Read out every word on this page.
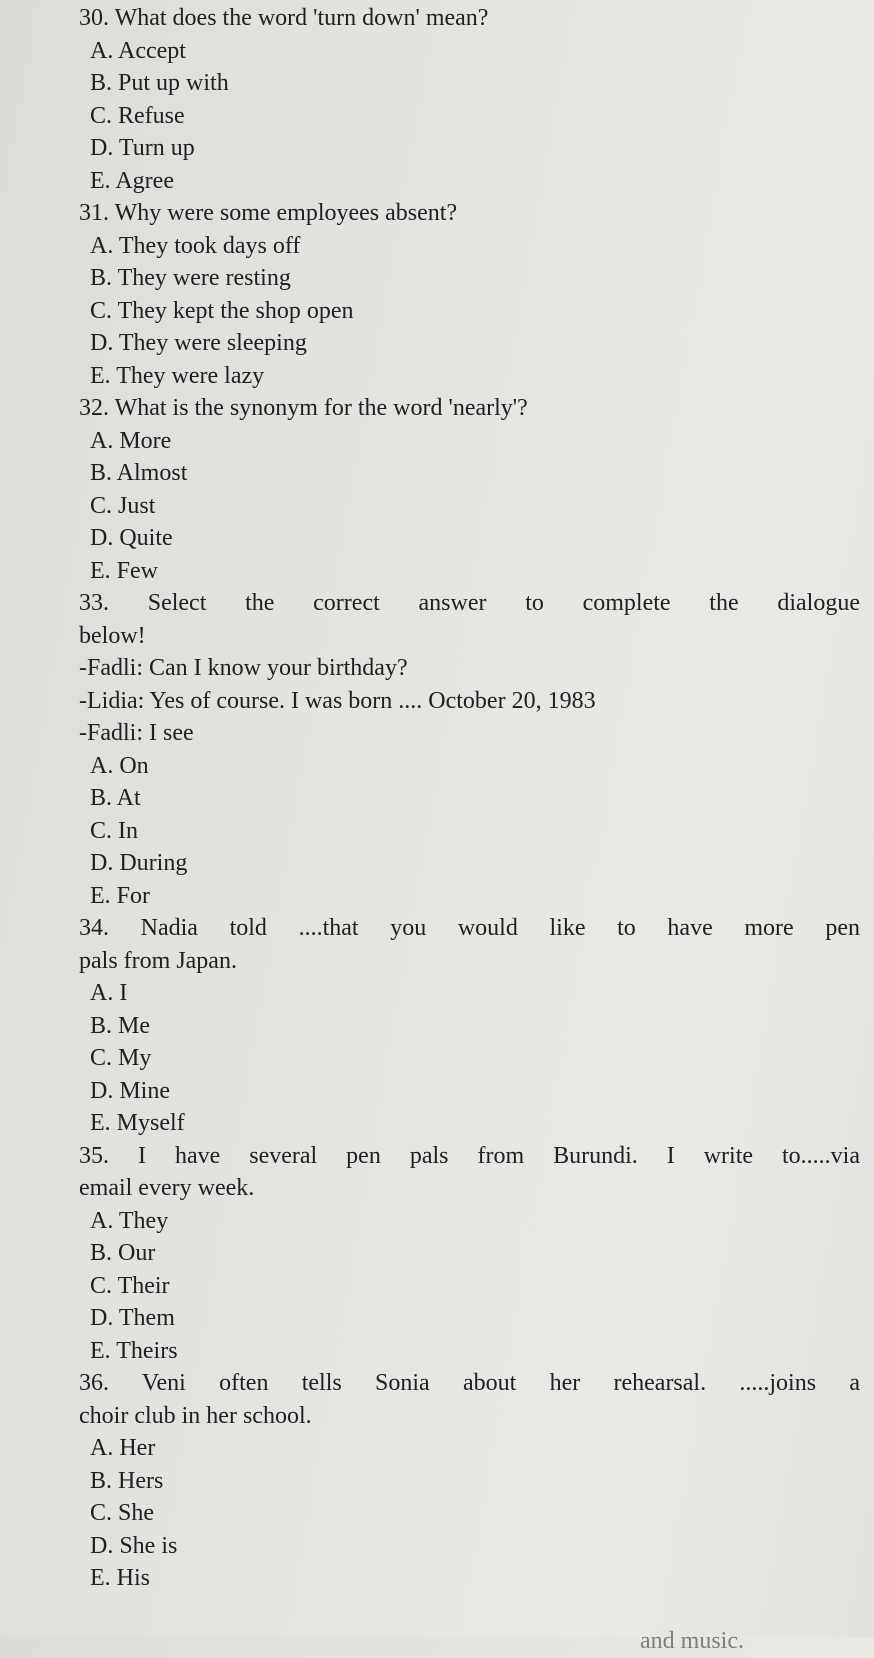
30. What does the word 'turn down' mean?

A. Accept
B. Put up with
C. Refuse
D. Turn up
E. Agree

31. Why were some employees absent?

A. They took days off
B. They were resting
C. They kept the shop open
D. They were sleeping
E. They were lazy

32. What is the synonym for the word 'nearly'?

A. More
B. Almost
C. Just
D. Quite
E. Few

33. Select the correct answer to complete the dialogue
below!

-Fadli: Can I know your birthday?
-Lidia: Yes of course. I was born .... October 20, 1983
-Fadli: I see
A. On
B. At
C. In
D. During
E. For

34. Nadia told ....that you would like to have more pen
pals from Japan.

A. I
B. Me
C. My
D. Mine
E. Myself

35. I have several pen pals from Burundi. I write to.....via
email every week.

A. They
B. Our
C. Their
D. Them
E. Theirs

36. Veni often tells Sonia about her rehearsal. .....joins a
choir club in her school.

A. Her
B. Hers
C. She
D. She is
E. His
and music.
